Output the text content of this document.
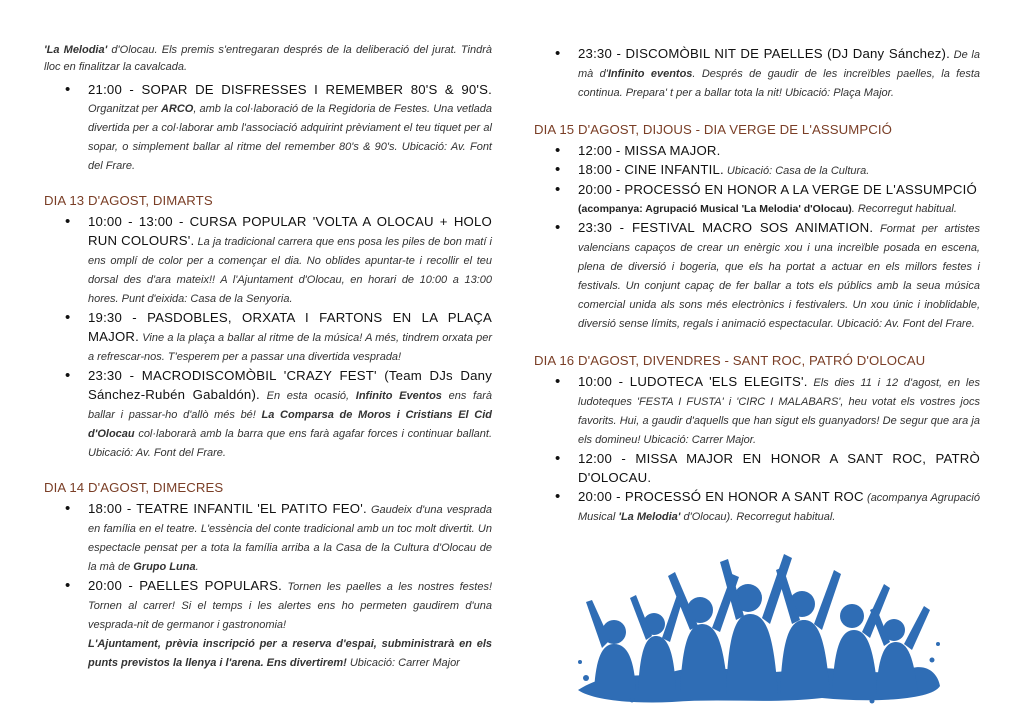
'La Melodia' d'Olocau. Els premis s'entregaran després de la deliberació del jurat. Tindrà lloc en finalitzar la cavalcada.

• 21:00 - SOPAR DE DISFRESSES I REMEMBER 80'S & 90'S. Organitzat per ARCO, amb la col·laboració de la Regidoria de Festes. Una vetlada divertida per a col·laborar amb l'associació adquirint prèviament el teu tiquet per al sopar, o simplement ballar al ritme del remember 80's & 90's. Ubicació: Av. Font del Frare.
DIA 13 D'AGOST, DIMARTS
• 10:00 - 13:00 - CURSA POPULAR 'VOLTA A OLOCAU + HOLO RUN COLOURS'. La ja tradicional carrera que ens posa les piles de bon matí i ens omplí de color per a començar el dia. No oblides apuntar-te i recollir el teu dorsal des d'ara mateix!! A l'Ajuntament d'Olocau, en horari de 10:00 a 13:00 hores. Punt d'eixida: Casa de la Senyoria.
• 19:30 - PASDOBLES, ORXATA I FARTONS EN LA PLAÇA MAJOR. Vine a la plaça a ballar al ritme de la música! A més, tindrem orxata per a refrescar-nos. T'esperem per a passar una divertida vesprada!
• 23:30 - MACRODISCOMÒBIL 'CRAZY FEST' (Team DJs Dany Sánchez-Rubén Gabaldón). En esta ocasió, Infinito Eventos ens farà ballar i passar-ho d'allò més bé! La Comparsa de Moros i Cristians El Cid d'Olocau col·laborarà amb la barra que ens farà agafar forces i continuar ballant. Ubicació: Av. Font del Frare.
DIA 14 D'AGOST, DIMECRES
• 18:00 - TEATRE INFANTIL 'EL PATITO FEO'. Gaudeix d'una vesprada en família en el teatre. L'essència del conte tradicional amb un toc molt divertit. Un espectacle pensat per a tota la família arriba a la Casa de la Cultura d'Olocau de la mà de Grupo Luna.
• 20:00 - PAELLES POPULARS. Tornen les paelles a les nostres festes! Tornen al carrer! Si el temps i les alertes ens ho permeten gaudirem d'una vesprada-nit de germanor i gastronomia!
L'Ajuntament, prèvia inscripció per a reserva d'espai, subministrarà en els punts previstos la llenya i l'arena. Ens divertirem! Ubicació: Carrer Major
• 23:30 - DISCOMÒBIL NIT DE PAELLES (DJ Dany Sánchez). De la mà d'Infinito eventos. Després de gaudir de les increïbles paelles, la festa continua. Prepara' t per a ballar tota la nit! Ubicació: Plaça Major.
DIA 15 D'AGOST, DIJOUS - DIA VERGE DE L'ASSUMPCIÓ
• 12:00 - MISSA MAJOR.
• 18:00 - CINE INFANTIL. Ubicació: Casa de la Cultura.
• 20:00 - PROCESSÓ EN HONOR A LA VERGE DE L'ASSUMPCIÓ
(acompanya: Agrupació Musical 'La Melodia' d'Olocau). Recorregut habitual.
• 23:30 - FESTIVAL MACRO SOS ANIMATION. Format per artistes valencians capaços de crear un enèrgic xou i una increïble posada en escena, plena de diversió i bogeria, que els ha portat a actuar en els millors festes i festivals. Un conjunt capaç de fer ballar a tots els públics amb la seua música comercial unida als sons més electrònics i festivalers. Un xou únic i inoblidable, diversió sense límits, regals i animació espectacular. Ubicació: Av. Font del Frare.
DIA 16 D'AGOST, DIVENDRES - SANT ROC, PATRÓ D'OLOCAU
• 10:00 - LUDOTECA 'ELS ELEGITS'. Els dies 11 i 12 d'agost, en les ludoteques 'FESTA I FUSTA' i 'CIRC I MALABARS', heu votat els vostres jocs favorits. Hui, a gaudir d'aquells que han sigut els guanyadors! De segur que ara ja els domineu! Ubicació: Carrer Major.
• 12:00 - MISSA MAJOR EN HONOR A SANT ROC, PATRÒ D'OLOCAU.
• 20:00 - PROCESSÓ EN HONOR A SANT ROC (acompanya Agrupació Musical 'La Melodia' d'Olocau). Recorregut habitual.
